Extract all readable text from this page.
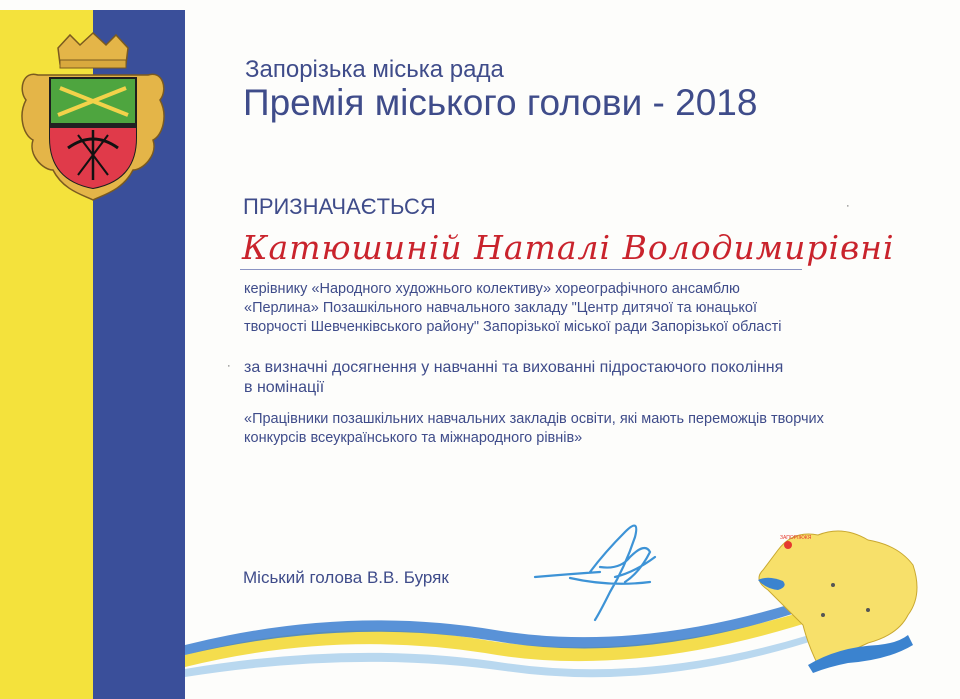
Запорізька міська рада
Премія міського голови - 2018
ПРИЗНАЧАЄТЬСЯ
Катюшиній Наталі Володимирівні
керівнику «Народного художнього колективу» хореографічного ансамблю
«Перлина» Позашкільного навчального закладу "Центр дитячої та юнацької
творчості Шевченківського району" Запорізької міської ради Запорізької області
за визначні досягнення у навчанні та вихованні підростаючого покоління
в номінації
«Працівники позашкільних навчальних закладів освіти, які мають переможців творчих
конкурсів всеукраїнського та міжнародного рівнів»
Міський голова В.В. Буряк
ЗАПОРІЖЖЯ
·
·
